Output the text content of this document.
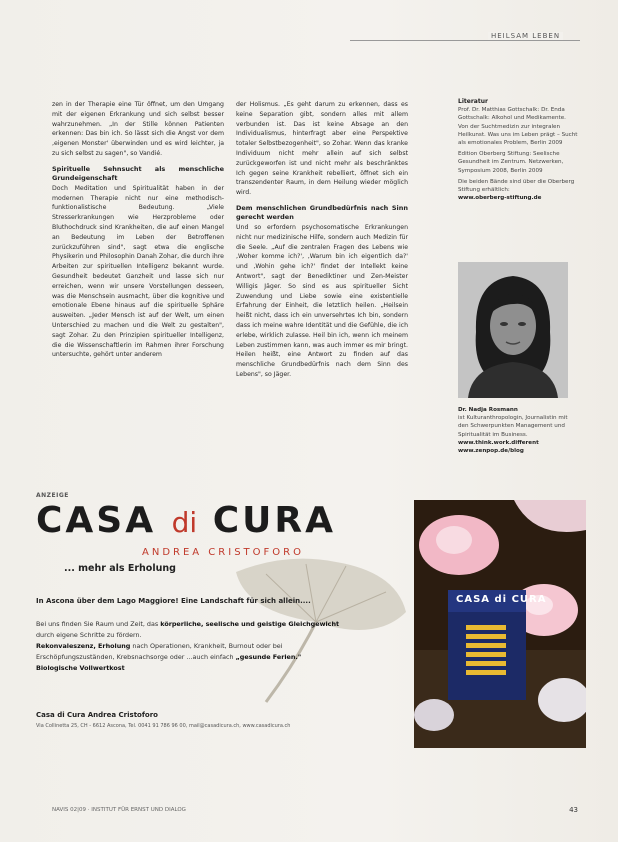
HEILSAM LEBEN

zen in der Therapie eine Tür öffnet, um den Umgang mit der eigenen Erkrankung und sich selbst besser wahrzunehmen. „In der Stille können Patienten erkennen: Das bin ich. So lässt sich die Angst vor dem ‚eigenen Monster' überwinden und es wird leichter, ja zu sich selbst zu sagen", so Vandié.

Spirituelle Sehnsucht als menschliche Grundeigenschaft

Doch Meditation und Spiritualität haben in der modernen Therapie nicht nur eine methodisch-funktionalistische Bedeutung. „Viele Stresserkrankungen wie Herzprobleme oder Bluthochdruck sind Krankheiten, die auf einen Mangel an Bedeutung im Leben der Betroffenen zurückzuführen sind", sagt etwa die englische Physikerin und Philosophin Danah Zohar, die durch ihre Arbeiten zur spirituellen Intelligenz bekannt wurde. Gesundheit bedeutet Ganzheit und lasse sich nur erreichen, wenn wir unsere Vorstellungen desseen, was die Menschsein ausmacht, über die kognitive und emotionale Ebene hinaus auf die spirituelle Sphäre ausweiten. „Jeder Mensch ist auf der Welt, um einen Unterschied zu machen und die Welt zu gestalten", sagt Zohar. Zu den Prinzipien spiritueller Intelligenz, die die Wissenschaftlerin im Rahmen ihrer Forschung untersuchte, gehört unter anderem

der Holismus. „Es geht darum zu erkennen, dass es keine Separation gibt, sondern alles mit allem verbunden ist. Das ist keine Absage an den Individualismus, hinterfragt aber eine Perspektive totaler Selbstbezogenheit", so Zohar. Wenn das kranke Individuum nicht mehr allein auf sich selbst zurückgeworfen ist und nicht mehr als beschränktes Ich gegen seine Krankheit rebelliert, öffnet sich ein transzendenter Raum, in dem Heilung wieder möglich wird.

Dem menschlichen Grundbedürfnis nach Sinn gerecht werden

Und so erfordern psychosomatische Erkrankungen nicht nur medizinische Hilfe, sondern auch Medizin für die Seele. „Auf die zentralen Fragen des Lebens wie ‚Woher komme ich?', ‚Warum bin ich eigentlich da?' und ‚Wohin gehe ich?' findet der Intellekt keine Antwort", sagt der Benediktiner und Zen-Meister Willigis Jäger. So sind es aus spiritueller Sicht Zuwendung und Liebe sowie eine existentielle Erfahrung der Einheit, die letztlich heilen. „Heilsein heißt nicht, dass ich ein unversehrtes Ich bin, sondern dass ich meine wahre Identität und die Gefühle, die ich erlebe, wirklich zulasse. Heil bin ich, wenn ich meinem Leben zustimmen kann, was auch immer es mir bringt. Heilen heißt, eine Antwort zu finden auf das menschliche Grundbedürfnis nach dem Sinn des Lebens", so Jäger.

Literatur
Prof. Dr. Matthias Gottschalk: Dr. Enda Gottschalk: Alkohol und Medikamente. Von der Suchtmedizin zur integralen Heilkunst. Was uns im Leben prägt – Sucht als emotionales Problem, Berlin 2009
Edition Oberberg Stiftung: Seelische Gesundheit im Zentrum. Netzwerken, Symposium 2008, Berlin 2009
Die beiden Bände sind über die Oberberg Stiftung erhältlich:
www.oberberg-stiftung.de
Dr. Nadja Rosmann
ist Kulturanthropologin, Journalistin mit den Schwerpunkten Management und Spiritualität im Business.
www.think.work.different
www.zenpop.de/blog
ANZEIGE
CASA di CURA
ANDREA CRISTOFORO
... mehr als Erholung
In Ascona über dem Lago Maggiore! Eine Landschaft für sich allein....
Bei uns finden Sie Raum und Zeit, das körperliche, seelische und geistige Gleichgewicht durch eigene Schritte zu fördern.
Rekonvaleszenz, Erholung nach Operationen, Krankheit, Burnout oder bei Erschöpfungszuständen, Krebsnachsorge oder ...auch einfach „gesunde Ferien."
Biologische Vollwertkost
Casa di Cura Andrea Cristoforo
Via Collinetta 25, CH - 6612 Ascona, Tel. 0041 91 786 96 00, mail@casadicura.ch, www.casadicura.ch
CASA di CURA
NAVIS 02|09 · INSTITUT FÜR ERNST UND DIALOG	43
